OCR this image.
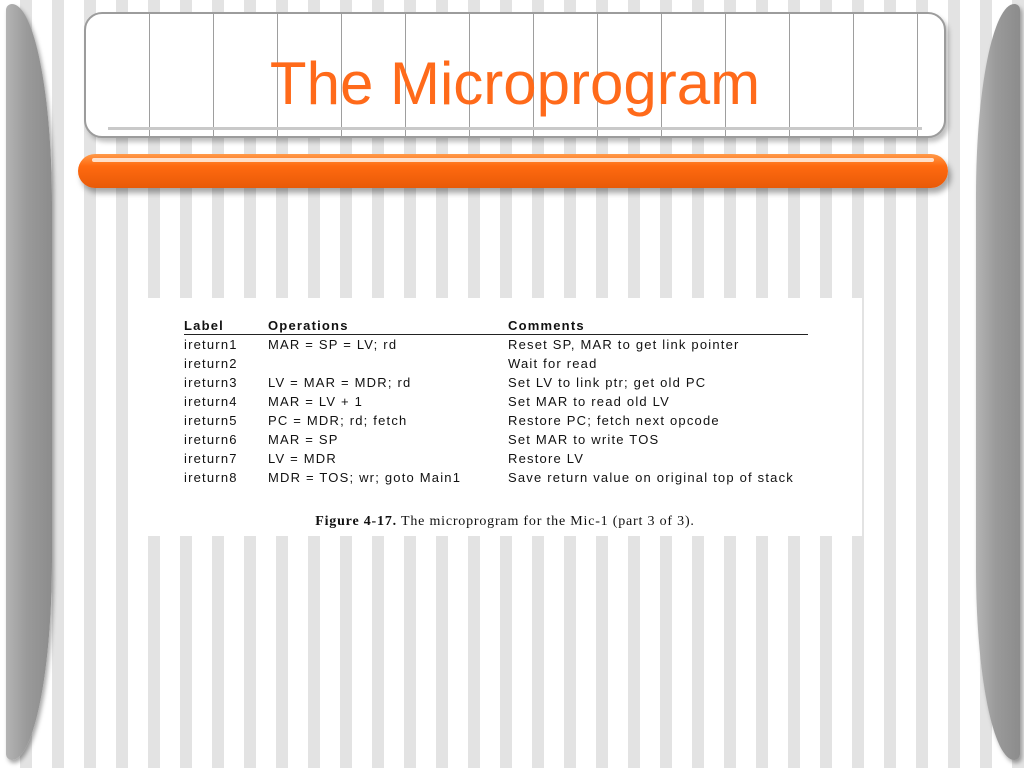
The Microprogram
Label		Operations		Comments
ireturn1		MAR = SP = LV; rd		Reset SP, MAR to get link pointer
ireturn2				Wait for read
ireturn3		LV = MAR = MDR; rd		Set LV to link ptr; get old PC
ireturn4		MAR = LV + 1		Set MAR to read old LV
ireturn5		PC = MDR; rd; fetch		Restore PC; fetch next opcode
ireturn6		MAR = SP		Set MAR to write TOS
ireturn7		LV = MDR		Restore LV
ireturn8		MDR = TOS; wr; goto Main1		Save return value on original top of stack
Figure 4-17. The microprogram for the Mic-1 (part 3 of 3).
